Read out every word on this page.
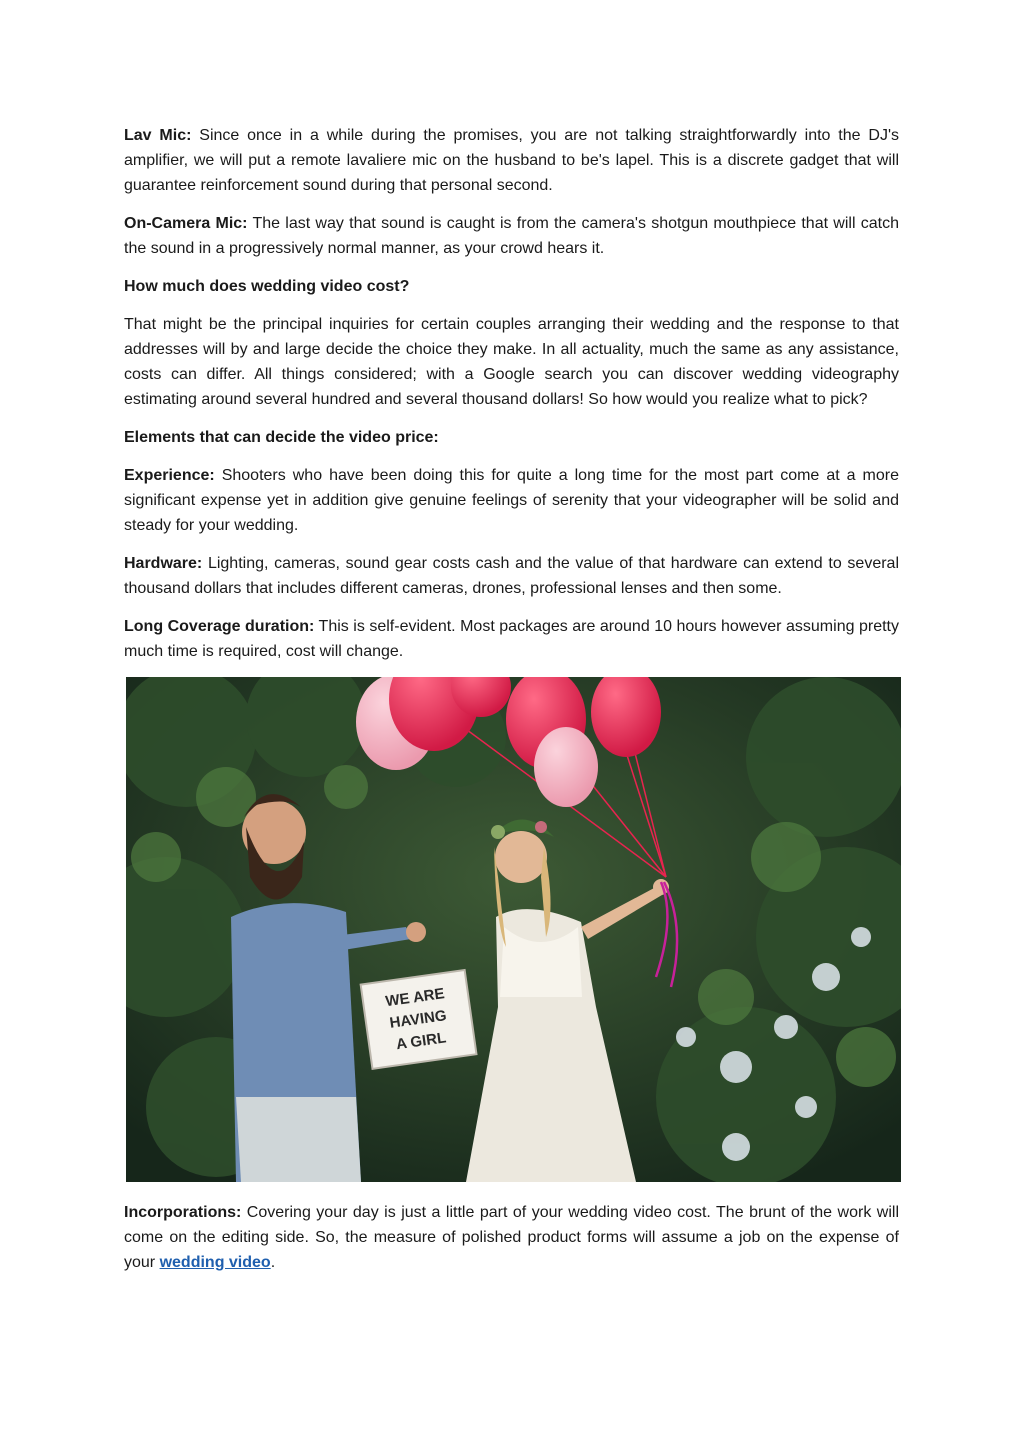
Lav Mic: Since once in a while during the promises, you are not talking straightforwardly into the DJ's amplifier, we will put a remote lavaliere mic on the husband to be's lapel. This is a discrete gadget that will guarantee reinforcement sound during that personal second.

On-Camera Mic: The last way that sound is caught is from the camera's shotgun mouthpiece that will catch the sound in a progressively normal manner, as your crowd hears it.

How much does wedding video cost?

That might be the principal inquiries for certain couples arranging their wedding and the response to that addresses will by and large decide the choice they make. In all actuality, much the same as any assistance, costs can differ. All things considered; with a Google search you can discover wedding videography estimating around several hundred and several thousand dollars! So how would you realize what to pick?

Elements that can decide the video price:

Experience: Shooters who have been doing this for quite a long time for the most part come at a more significant expense yet in addition give genuine feelings of serenity that your videographer will be solid and steady for your wedding.

Hardware: Lighting, cameras, sound gear costs cash and the value of that hardware can extend to several thousand dollars that includes different cameras, drones, professional lenses and then some.

Long Coverage duration: This is self-evident. Most packages are around 10 hours however assuming pretty much time is required, cost will change.

WE ARE
HAVING
A GIRL

Incorporations: Covering your day is just a little part of your wedding video cost. The brunt of the work will come on the editing side. So, the measure of polished product forms will assume a job on the expense of your wedding video.
